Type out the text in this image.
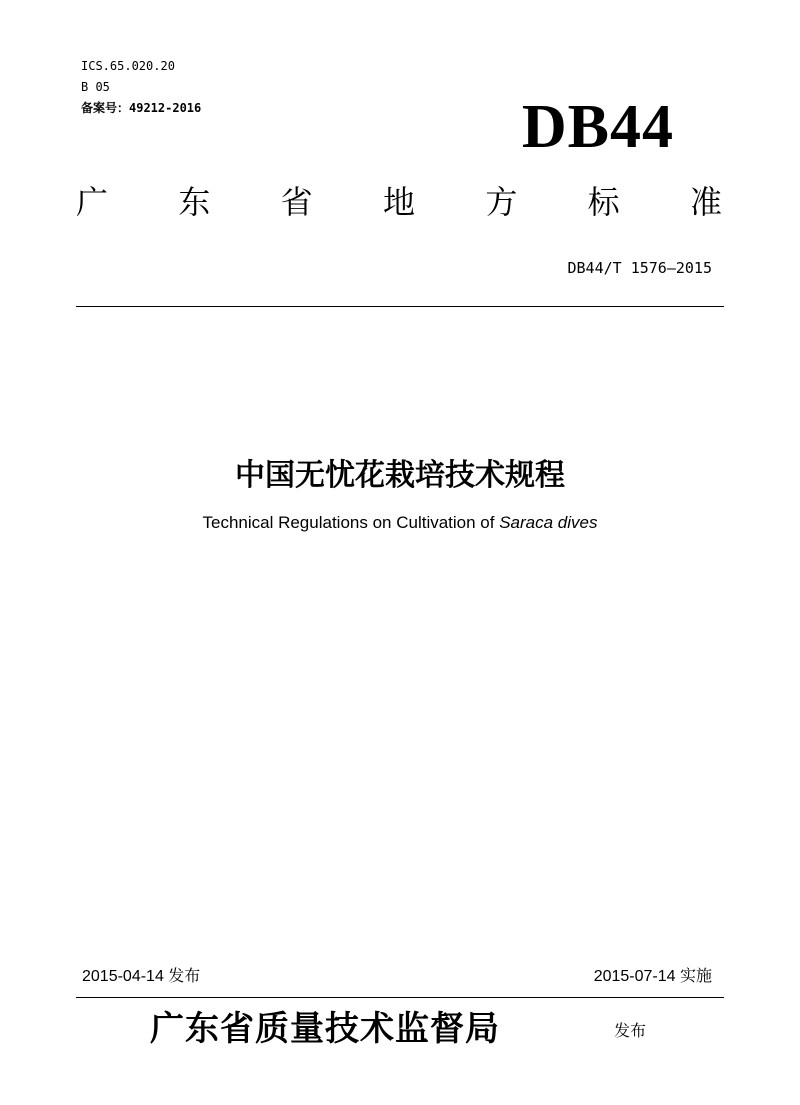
ICS.65.020.20
B 05
备案号：49212-2016	DB44
广 东 省 地 方 标 准
DB44/T 1576—2015
中国无忧花栽培技术规程
Technical Regulations on Cultivation of Saraca dives
2015-04-14 发布	2015-07-14 实施
广东省质量技术监督局	发布
